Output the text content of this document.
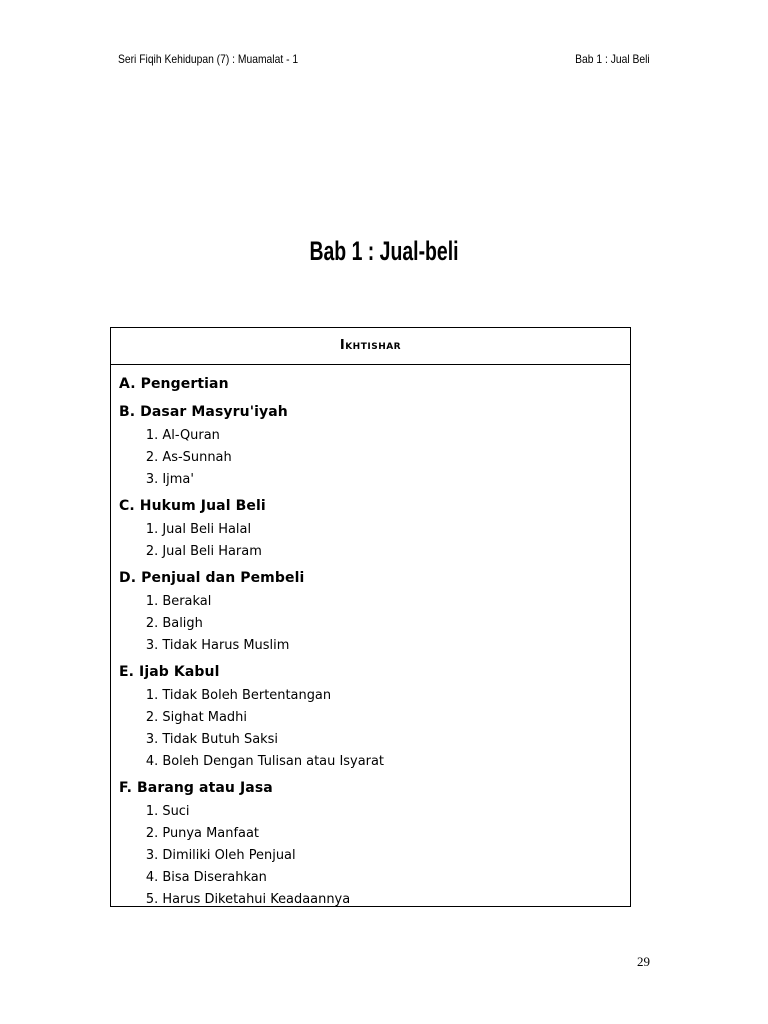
Seri Fiqih Kehidupan (7) : Muamalat - 1	Bab 1 : Jual Beli
Bab 1 : Jual-beli
Ikhtishar
A. Pengertian
B. Dasar Masyru'iyah
1. Al-Quran
2. As-Sunnah
3. Ijma'
C. Hukum Jual Beli
1. Jual Beli Halal
2. Jual Beli Haram
D. Penjual dan Pembeli
1. Berakal
2. Baligh
3. Tidak Harus Muslim
E. Ijab Kabul
1. Tidak Boleh Bertentangan
2. Sighat Madhi
3. Tidak Butuh Saksi
4. Boleh Dengan Tulisan atau Isyarat
F. Barang atau Jasa
1. Suci
2. Punya Manfaat
3. Dimiliki Oleh Penjual
4. Bisa Diserahkan
5. Harus Diketahui Keadaannya
29
